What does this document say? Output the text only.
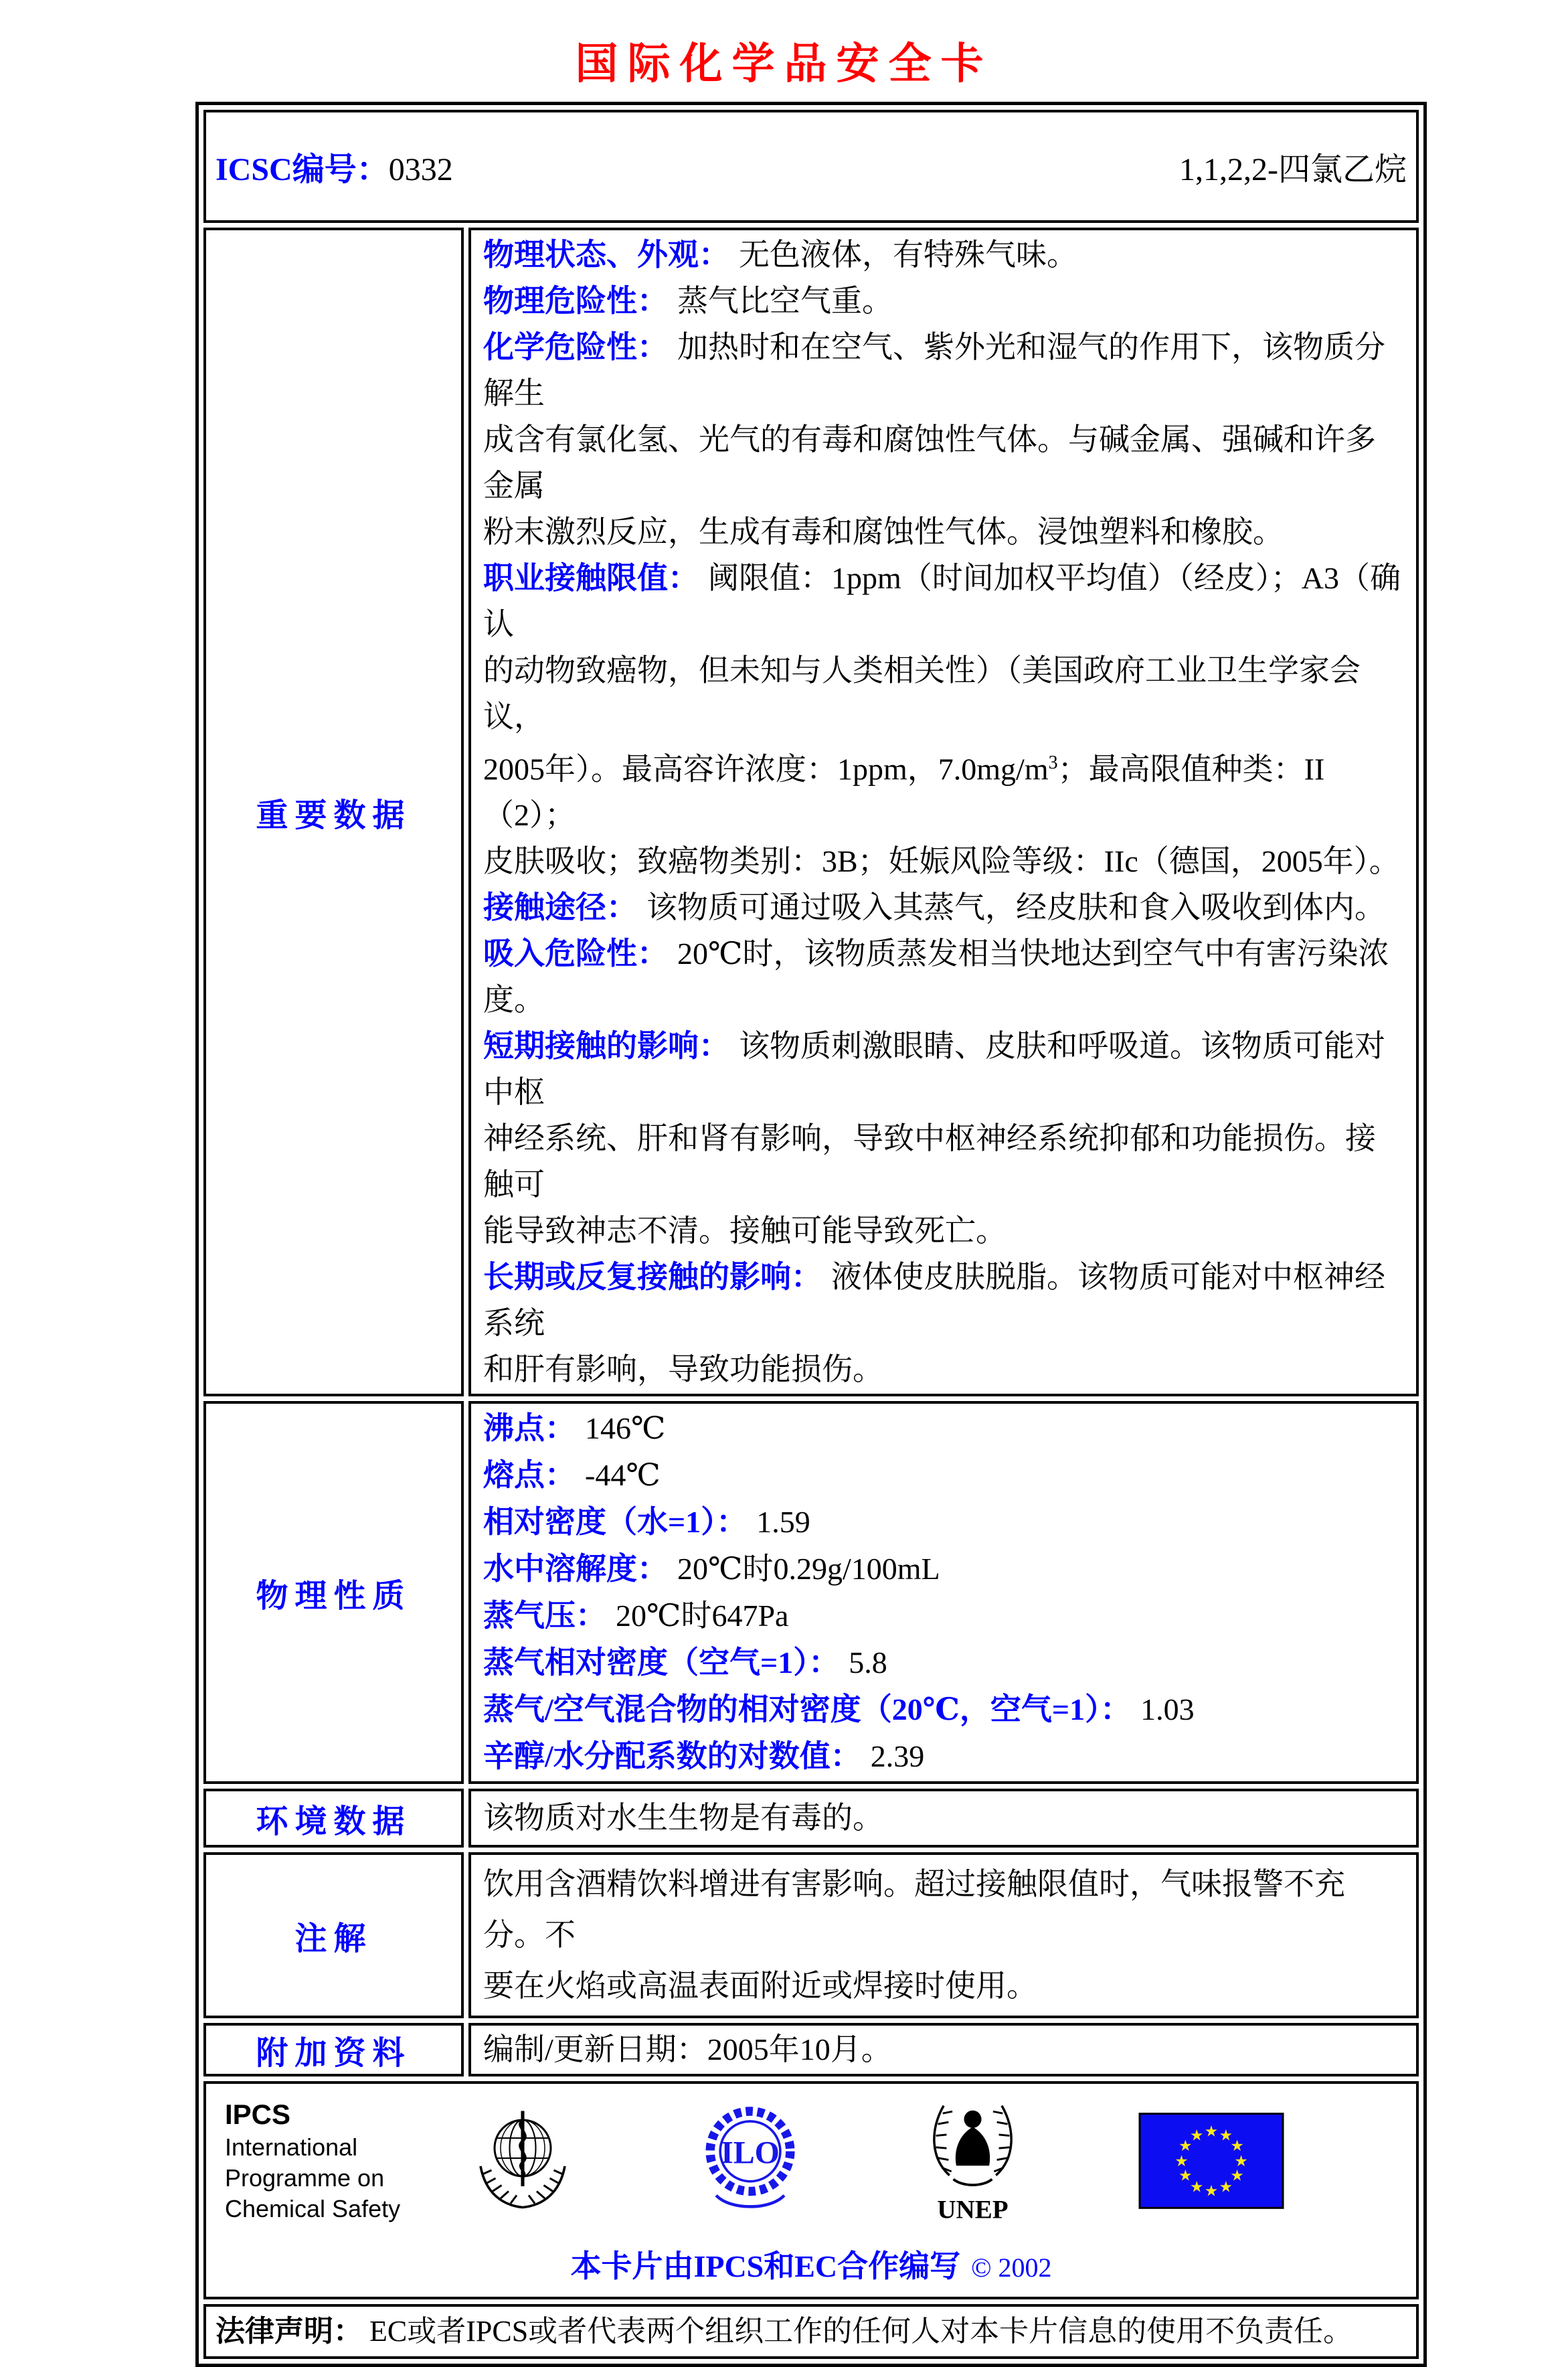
国际化学品安全卡
ICSC编号：0332 1,1,2,2-四氯乙烷	

重要数据	
物理状态、外观： 无色液体，有特殊气味。
物理危险性： 蒸气比空气重。
化学危险性： 加热时和在空气、紫外光和湿气的作用下，该物质分解生
成含有氯化氢、光气的有毒和腐蚀性气体。与碱金属、强碱和许多金属
粉末激烈反应，生成有毒和腐蚀性气体。浸蚀塑料和橡胶。
职业接触限值： 阈限值：1ppm（时间加权平均值）（经皮）；A3（确认
的动物致癌物，但未知与人类相关性）（美国政府工业卫生学家会议，
2005年）。最高容许浓度：1ppm，$7.0mg/m^3$；最高限值种类：II（2）；
皮肤吸收；致癌物类别：3B；妊娠风险等级：IIc（德国，2005年）。
接触途径： 该物质可通过吸入其蒸气，经皮肤和食入吸收到体内。
吸入危险性： 20℃时，该物质蒸发相当快地达到空气中有害污染浓度。
短期接触的影响： 该物质刺激眼睛、皮肤和呼吸道。该物质可能对中枢
神经系统、肝和肾有影响，导致中枢神经系统抑郁和功能损伤。接触可
能导致神志不清。接触可能导致死亡。
长期或反复接触的影响： 液体使皮肤脱脂。该物质可能对中枢神经系统
和肝有影响，导致功能损伤。

物理性质	
沸点： 146℃
熔点： -44℃
相对密度（水=1）： 1.59
水中溶解度： 20℃时0.29g/100mL
蒸气压： 20℃时647Pa
蒸气相对密度（空气=1）： 5.8
蒸气/空气混合物的相对密度（20℃，空气=1）： 1.03
辛醇/水分配系数的对数值： 2.39

环境数据	该物质对水生生物是有毒的。

注解	饮用含酒精饮料增进有害影响。超过接触限值时，气味报警不充分。不
要在火焰或高温表面附近或焊接时使用。

附加资料	编制/更新日期：2005年10月。

IPCS
International
Programme on
Chemical Safety
ILO
UNEP
★ ★
★
★
★
★
★
★
★
★
★
★
本卡片由IPCS和EC合作编写 © 2002

法律声明： EC或者IPCS或者代表两个组织工作的任何人对本卡片信息的使用不负责任。	
